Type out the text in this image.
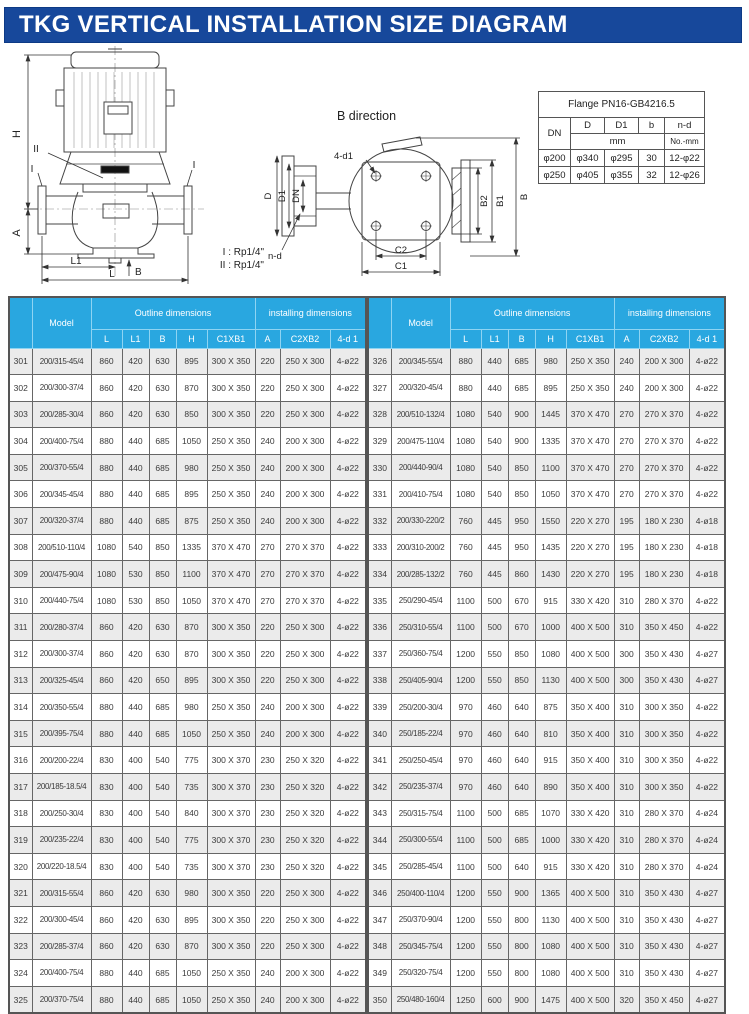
TKG VERTICAL INSTALLATION SIZE DIAGRAM
H
A
L1
L B
II
I	I
B direction
4-d1
D D1 DN
n-d
C2
C1
B2 B1 B
I : Rp1/4"
II : Rp1/4"
Flange PN16-GB4216.5				
DN	D	D1	b	n-d
	mm			No.-mm
φ200	φ340	φ295	30	12-φ22
φ250	φ405	φ355	32	12-φ26
	Model	Outline dimensions					installing dimensions		
		L	L1	B	H	C1XB1	A	C2XB2	4-d 1
301	200/315-45/4	860	420	630	895	300 X 350	220	250 X 300	4-ø22
302	200/300-37/4	860	420	630	870	300 X 350	220	250 X 300	4-ø22
303	200/285-30/4	860	420	630	850	300 X 350	220	250 X 300	4-ø22
304	200/400-75/4	880	440	685	1050	250 X 350	240	200 X 300	4-ø22
305	200/370-55/4	880	440	685	980	250 X 350	240	200 X 300	4-ø22
306	200/345-45/4	880	440	685	895	250 X 350	240	200 X 300	4-ø22
307	200/320-37/4	880	440	685	875	250 X 350	240	200 X 300	4-ø22
308	200/510-110/4	1080	540	850	1335	370 X 470	270	270 X 370	4-ø22
309	200/475-90/4	1080	530	850	1100	370 X 470	270	270 X 370	4-ø22
310	200/440-75/4	1080	530	850	1050	370 X 470	270	270 X 370	4-ø22
311	200/280-37/4	860	420	630	870	300 X 350	220	250 X 300	4-ø22
312	200/300-37/4	860	420	630	870	300 X 350	220	250 X 300	4-ø22
313	200/325-45/4	860	420	650	895	300 X 350	220	250 X 300	4-ø22
314	200/350-55/4	880	440	685	980	250 X 350	240	200 X 300	4-ø22
315	200/395-75/4	880	440	685	1050	250 X 350	240	200 X 300	4-ø22
316	200/200-22/4	830	400	540	775	300 X 370	230	250 X 320	4-ø22
317	200/185-18.5/4	830	400	540	735	300 X 370	230	250 X 320	4-ø22
318	200/250-30/4	830	400	540	840	300 X 370	230	250 X 320	4-ø22
319	200/235-22/4	830	400	540	775	300 X 370	230	250 X 320	4-ø22
320	200/220-18.5/4	830	400	540	735	300 X 370	230	250 X 320	4-ø22
321	200/315-55/4	860	420	630	980	300 X 350	220	250 X 300	4-ø22
322	200/300-45/4	860	420	630	895	300 X 350	220	250 X 300	4-ø22
323	200/285-37/4	860	420	630	870	300 X 350	220	250 X 300	4-ø22
324	200/400-75/4	880	440	685	1050	250 X 350	240	200 X 300	4-ø22
325	200/370-75/4	880	440	685	1050	250 X 350	240	200 X 300	4-ø22
	Model	Outline dimensions					installing dimensions		
		L	L1	B	H	C1XB1	A	C2XB2	4-d 1
326	200/345-55/4	880	440	685	980	250 X 350	240	200 X 300	4-ø22
327	200/320-45/4	880	440	685	895	250 X 350	240	200 X 300	4-ø22
328	200/510-132/4	1080	540	900	1445	370 X 470	270	270 X 370	4-ø22
329	200/475-110/4	1080	540	900	1335	370 X 470	270	270 X 370	4-ø22
330	200/440-90/4	1080	540	850	1100	370 X 470	270	270 X 370	4-ø22
331	200/410-75/4	1080	540	850	1050	370 X 470	270	270 X 370	4-ø22
332	200/330-220/2	760	445	950	1550	220 X 270	195	180 X 230	4-ø18
333	200/310-200/2	760	445	950	1435	220 X 270	195	180 X 230	4-ø18
334	200/285-132/2	760	445	860	1430	220 X 270	195	180 X 230	4-ø18
335	250/290-45/4	1100	500	670	915	330 X 420	310	280 X 370	4-ø22
336	250/310-55/4	1100	500	670	1000	400 X 500	310	350 X 450	4-ø22
337	250/360-75/4	1200	550	850	1080	400 X 500	300	350 X 430	4-ø27
338	250/405-90/4	1200	550	850	1130	400 X 500	300	350 X 430	4-ø27
339	250/200-30/4	970	460	640	875	350 X 400	310	300 X 350	4-ø22
340	250/185-22/4	970	460	640	810	350 X 400	310	300 X 350	4-ø22
341	250/250-45/4	970	460	640	915	350 X 400	310	300 X 350	4-ø22
342	250/235-37/4	970	460	640	890	350 X 400	310	300 X 350	4-ø22
343	250/315-75/4	1100	500	685	1070	330 X 420	310	280 X 370	4-ø24
344	250/300-55/4	1100	500	685	1000	330 X 420	310	280 X 370	4-ø24
345	250/285-45/4	1100	500	640	915	330 X 420	310	280 X 370	4-ø24
346	250/400-110/4	1200	550	900	1365	400 X 500	310	350 X 430	4-ø27
347	250/370-90/4	1200	550	800	1130	400 X 500	310	350 X 430	4-ø27
348	250/345-75/4	1200	550	800	1080	400 X 500	310	350 X 430	4-ø27
349	250/320-75/4	1200	550	800	1080	400 X 500	310	350 X 430	4-ø27
350	250/480-160/4	1250	600	900	1475	400 X 500	320	350 X 450	4-ø27
